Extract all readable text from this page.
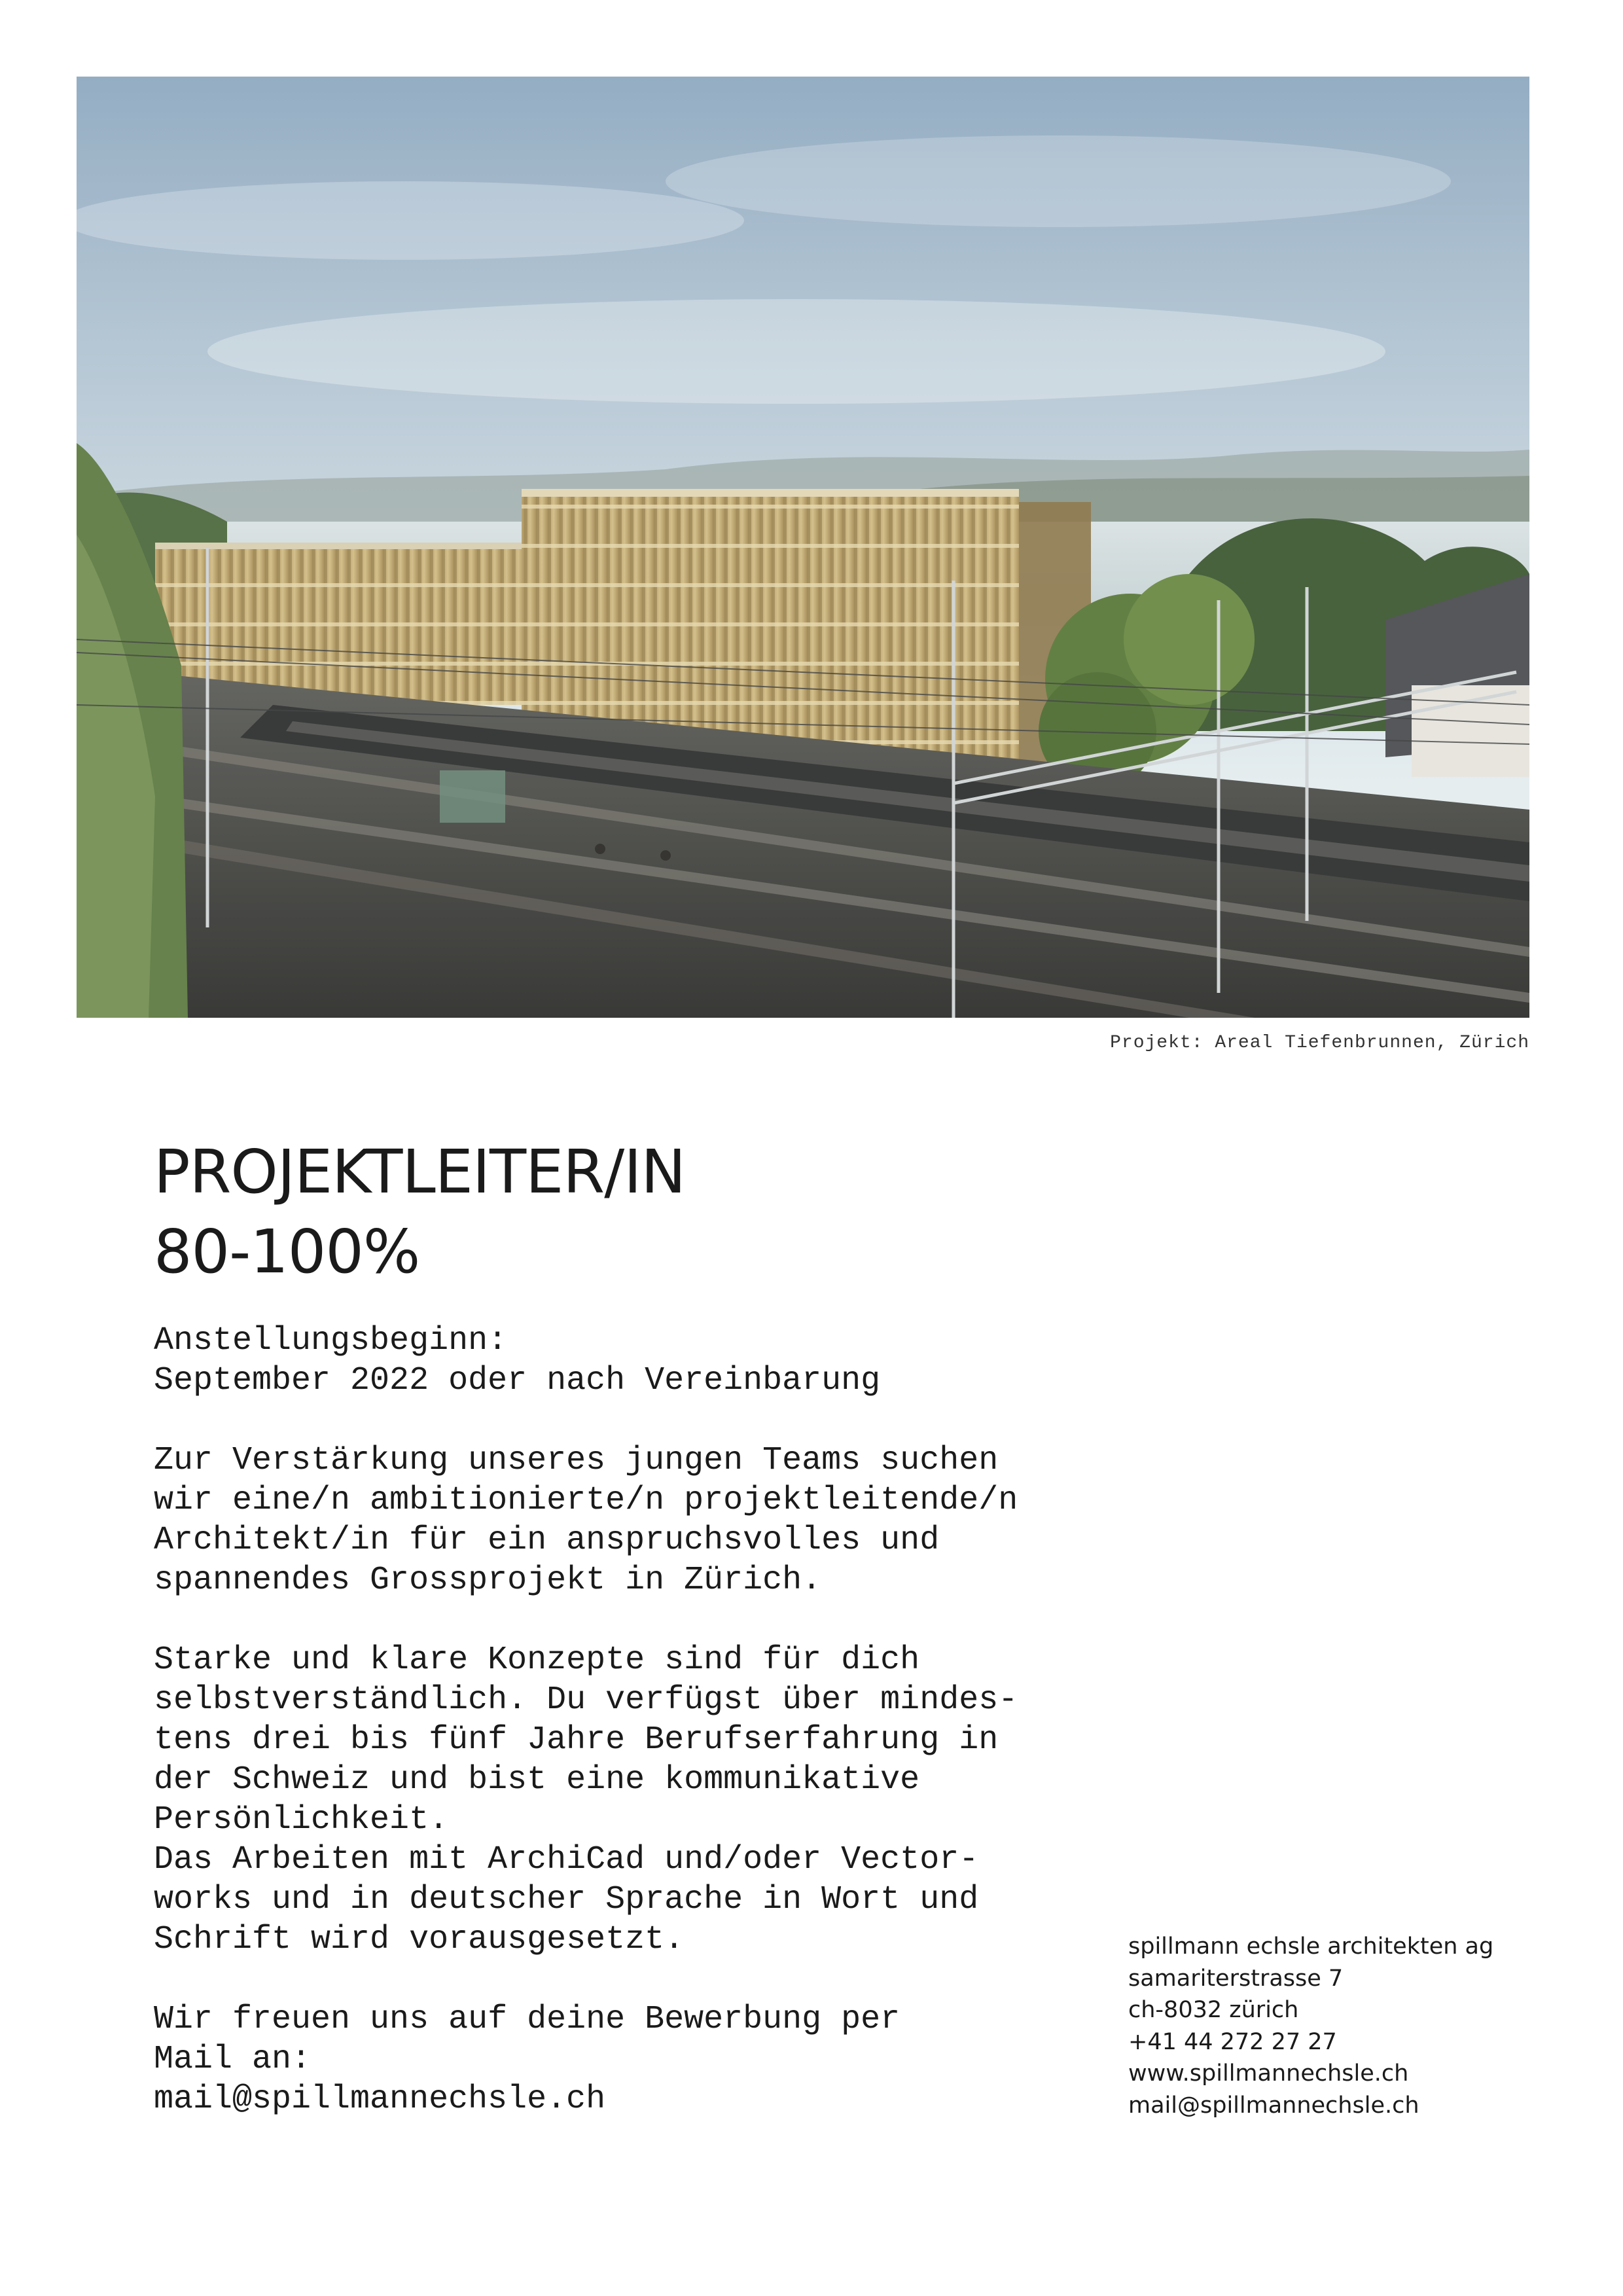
Projekt: Areal Tiefenbrunnen, Zürich
PROJEKTLEITER/IN
80-100%

Anstellungsbeginn:
September 2022 oder nach Vereinbarung

Zur Verstärkung unseres jungen Teams suchen
wir eine/n ambitionierte/n projektleitende/n
Architekt/in für ein anspruchsvolles und
spannendes Grossprojekt in Zürich.

Starke und klare Konzepte sind für dich
selbstverständlich. Du verfügst über mindes-
tens drei bis fünf Jahre Berufserfahrung in
der Schweiz und bist eine kommunikative
Persönlichkeit.
Das Arbeiten mit ArchiCad und/oder Vector-
works und in deutscher Sprache in Wort und
Schrift wird vorausgesetzt.

Wir freuen uns auf deine Bewerbung per
Mail an:
mail@spillmannechsle.ch

spillmann echsle architekten ag
samariterstrasse 7
ch-8032 zürich
+41 44 272 27 27
www.spillmannechsle.ch
mail@spillmannechsle.ch
